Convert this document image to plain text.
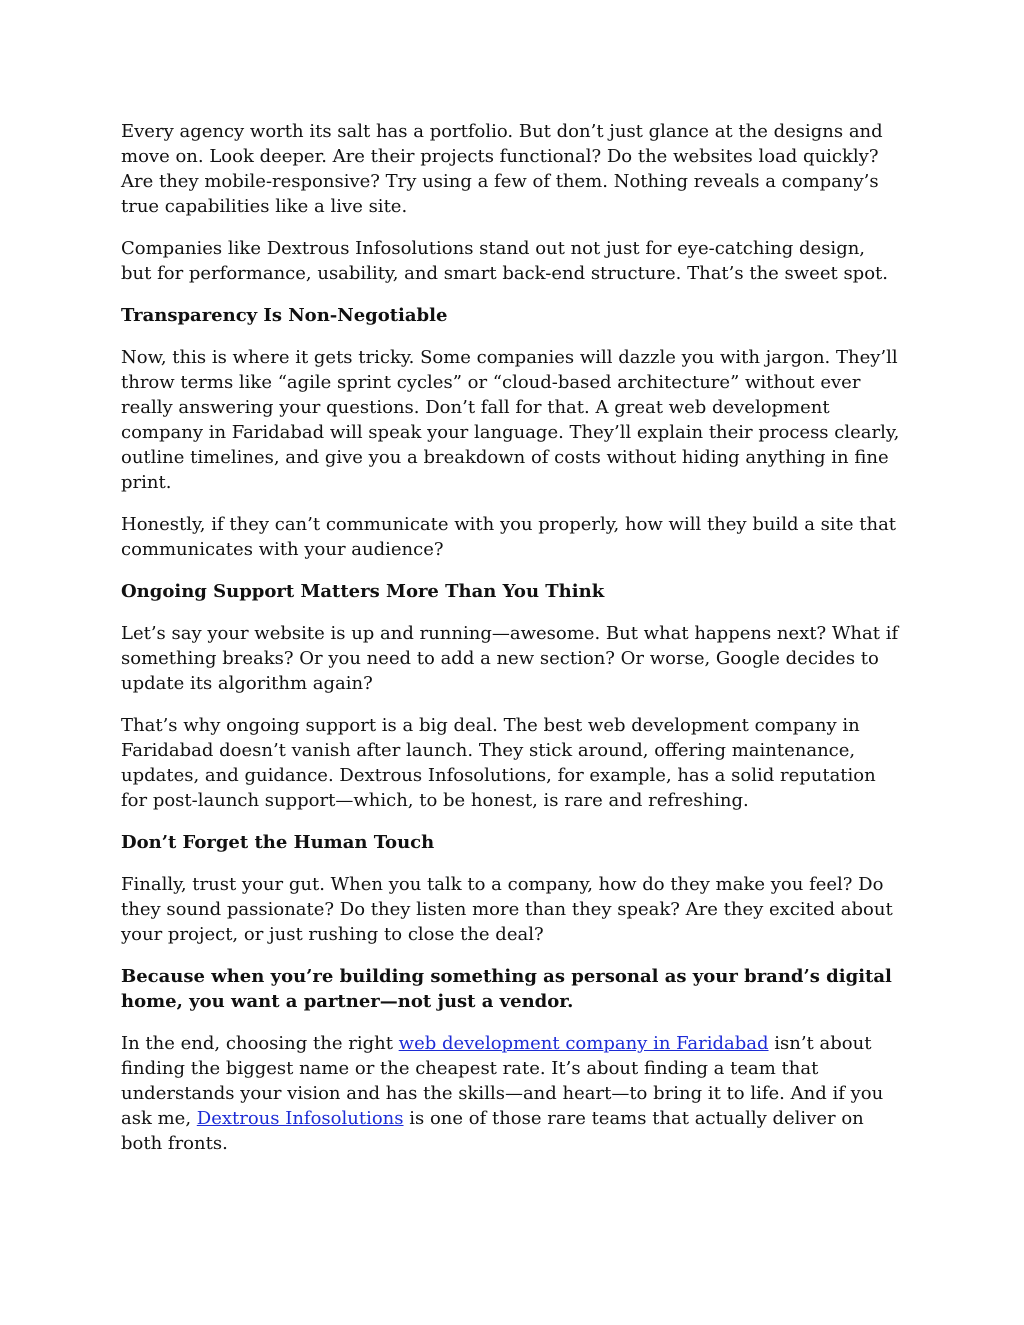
Every agency worth its salt has a portfolio. But don’t just glance at the designs and move on. Look deeper. Are their projects functional? Do the websites load quickly? Are they mobile-responsive? Try using a few of them. Nothing reveals a company’s true capabilities like a live site.

Companies like Dextrous Infosolutions stand out not just for eye-catching design, but for performance, usability, and smart back-end structure. That’s the sweet spot.

Transparency Is Non-Negotiable

Now, this is where it gets tricky. Some companies will dazzle you with jargon. They’ll throw terms like “agile sprint cycles” or “cloud-based architecture” without ever really answering your questions. Don’t fall for that. A great web development company in Faridabad will speak your language. They’ll explain their process clearly, outline timelines, and give you a breakdown of costs without hiding anything in fine print.

Honestly, if they can’t communicate with you properly, how will they build a site that communicates with your audience?

Ongoing Support Matters More Than You Think

Let’s say your website is up and running—awesome. But what happens next? What if something breaks? Or you need to add a new section? Or worse, Google decides to update its algorithm again?

That’s why ongoing support is a big deal. The best web development company in Faridabad doesn’t vanish after launch. They stick around, offering maintenance, updates, and guidance. Dextrous Infosolutions, for example, has a solid reputation for post-launch support—which, to be honest, is rare and refreshing.

Don’t Forget the Human Touch

Finally, trust your gut. When you talk to a company, how do they make you feel? Do they sound passionate? Do they listen more than they speak? Are they excited about your project, or just rushing to close the deal?

Because when you’re building something as personal as your brand’s digital home, you want a partner—not just a vendor.

In the end, choosing the right web development company in Faridabad isn’t about finding the biggest name or the cheapest rate. It’s about finding a team that understands your vision and has the skills—and heart—to bring it to life. And if you ask me, Dextrous Infosolutions is one of those rare teams that actually deliver on both fronts.
